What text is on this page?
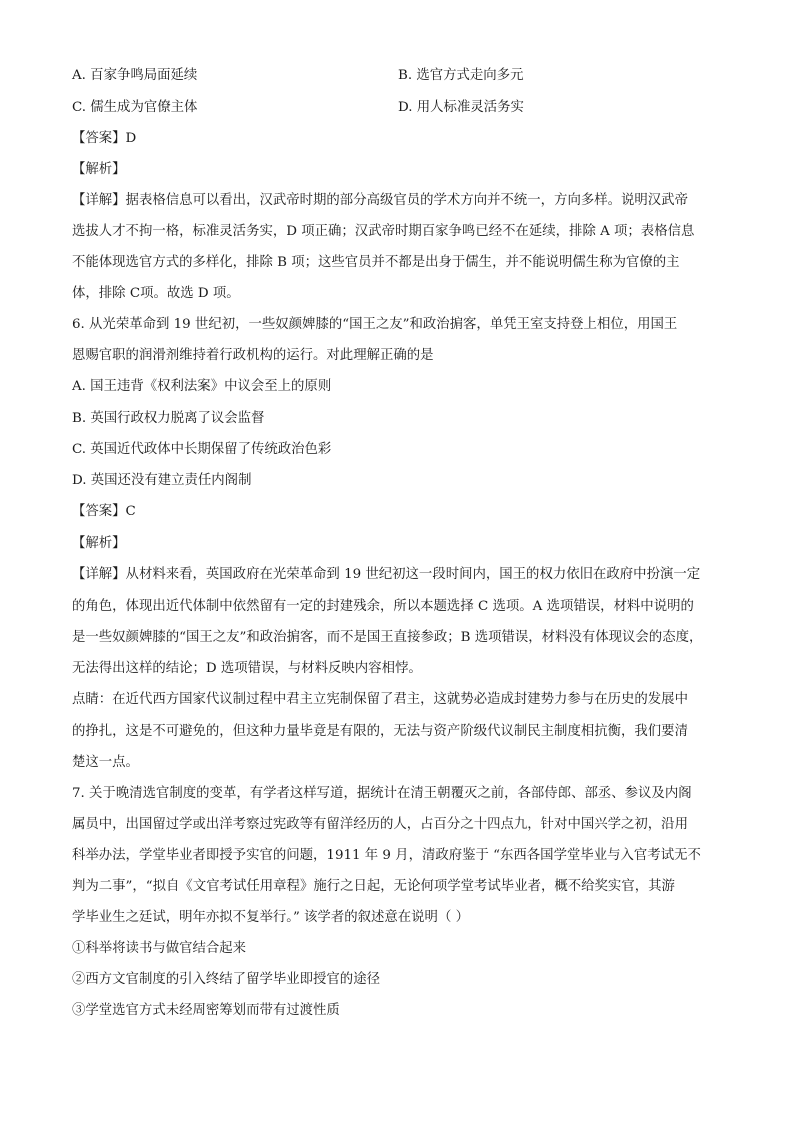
A. 百家争鸣局面延续	B. 选官方式走向多元
C. 儒生成为官僚主体	D. 用人标准灵活务实
【答案】D
【解析】
【详解】据表格信息可以看出，汉武帝时期的部分高级官员的学术方向并不统一，方向多样。说明汉武帝
选拔人才不拘一格，标准灵活务实，D 项正确；汉武帝时期百家争鸣已经不在延续，排除 A 项；表格信息
不能体现选官方式的多样化，排除 B 项；这些官员并不都是出身于儒生，并不能说明儒生称为官僚的主
体，排除 C项。故选 D 项。
6. 从光荣革命到 19 世纪初，一些奴颜婢膝的“国王之友”和政治掮客，单凭王室支持登上相位，用国王
恩赐官职的润滑剂维持着行政机构的运行。对此理解正确的是
A. 国王违背《权利法案》中议会至上的原则
B. 英国行政权力脱离了议会监督
C. 英国近代政体中长期保留了传统政治色彩
D. 英国还没有建立责任内阁制
【答案】C
【解析】
【详解】从材料来看，英国政府在光荣革命到 19 世纪初这一段时间内，国王的权力依旧在政府中扮演一定
的角色，体现出近代体制中依然留有一定的封建残余，所以本题选择 C 选项。A 选项错误，材料中说明的
是一些奴颜婢膝的“国王之友”和政治掮客，而不是国王直接参政；B 选项错误，材料没有体现议会的态度，
无法得出这样的结论；D 选项错误，与材料反映内容相悖。
点睛：在近代西方国家代议制过程中君主立宪制保留了君主，这就势必造成封建势力参与在历史的发展中
的挣扎，这是不可避免的，但这种力量毕竟是有限的，无法与资产阶级代议制民主制度相抗衡，我们要清
楚这一点。
7. 关于晚清选官制度的变革，有学者这样写道，据统计在清王朝覆灭之前，各部侍郎、部丞、参议及内阁
属员中，出国留过学或出洋考察过宪政等有留洋经历的人，占百分之十四点九，针对中国兴学之初，沿用
科举办法，学堂毕业者即授予实官的问题，1911 年 9 月，清政府鉴于 “东西各国学堂毕业与入官考试无不
判为二事”，“拟自《文官考试任用章程》施行之日起，无论何项学堂考试毕业者，概不给奖实官，其游
学毕业生之廷试，明年亦拟不复举行。” 该学者的叙述意在说明（ ）
①科举将读书与做官结合起来
②西方文官制度的引入终结了留学毕业即授官的途径
③学堂选官方式未经周密筹划而带有过渡性质
